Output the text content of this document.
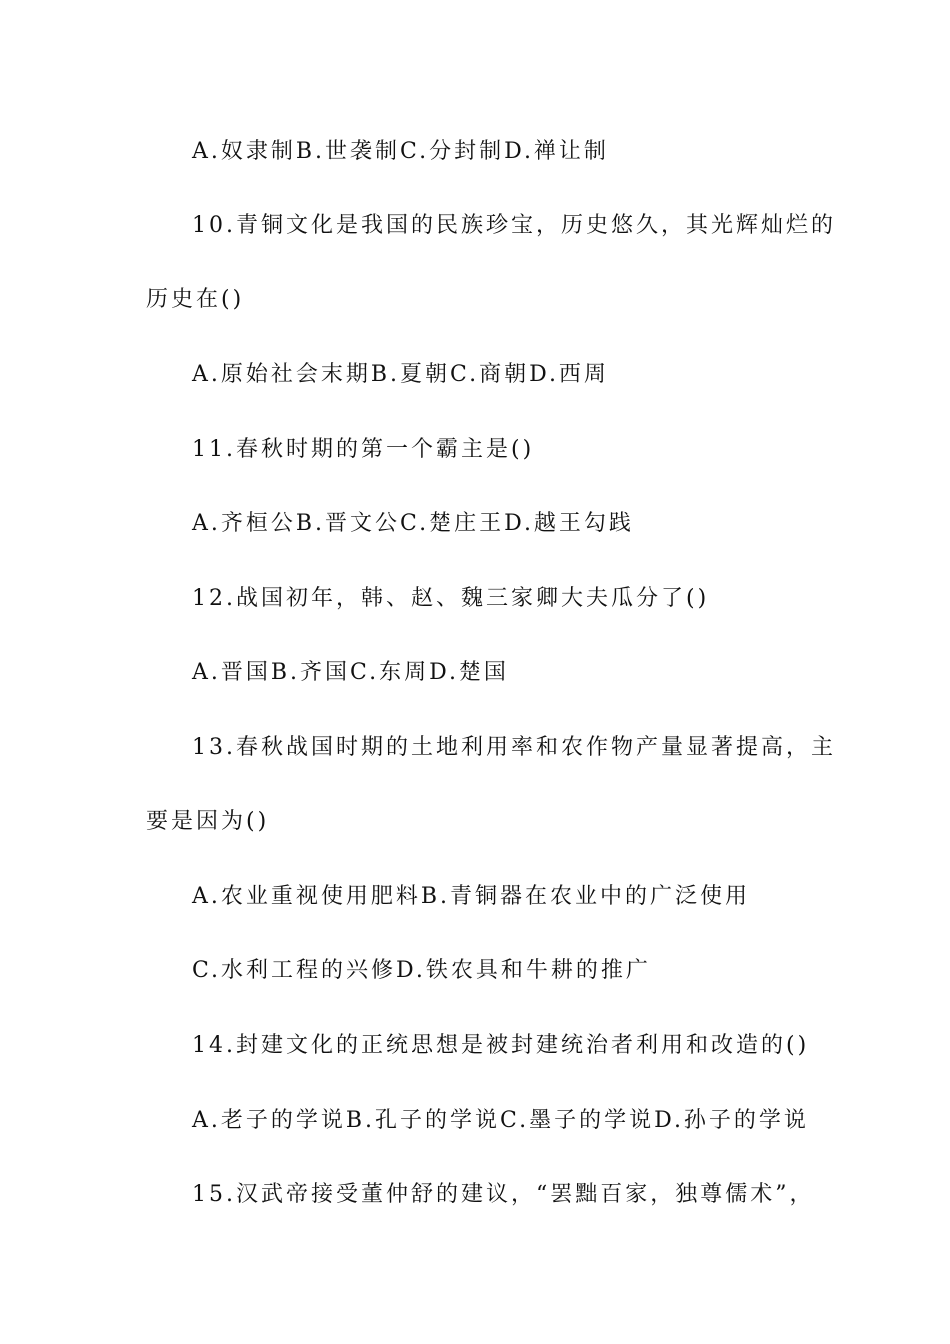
A.奴隶制B.世袭制C.分封制D.禅让制
10.青铜文化是我国的民族珍宝，历史悠久，其光辉灿烂的
历史在()
A.原始社会末期B.夏朝C.商朝D.西周
11.春秋时期的第一个霸主是()
A.齐桓公B.晋文公C.楚庄王D.越王勾践
12.战国初年，韩、赵、魏三家卿大夫瓜分了()
A.晋国B.齐国C.东周D.楚国
13.春秋战国时期的土地利用率和农作物产量显著提高，主
要是因为()
A.农业重视使用肥料B.青铜器在农业中的广泛使用
C.水利工程的兴修D.铁农具和牛耕的推广
14.封建文化的正统思想是被封建统治者利用和改造的()
A.老子的学说B.孔子的学说C.墨子的学说D.孙子的学说
15.汉武帝接受董仲舒的建议，“罢黜百家，独尊儒术”，
